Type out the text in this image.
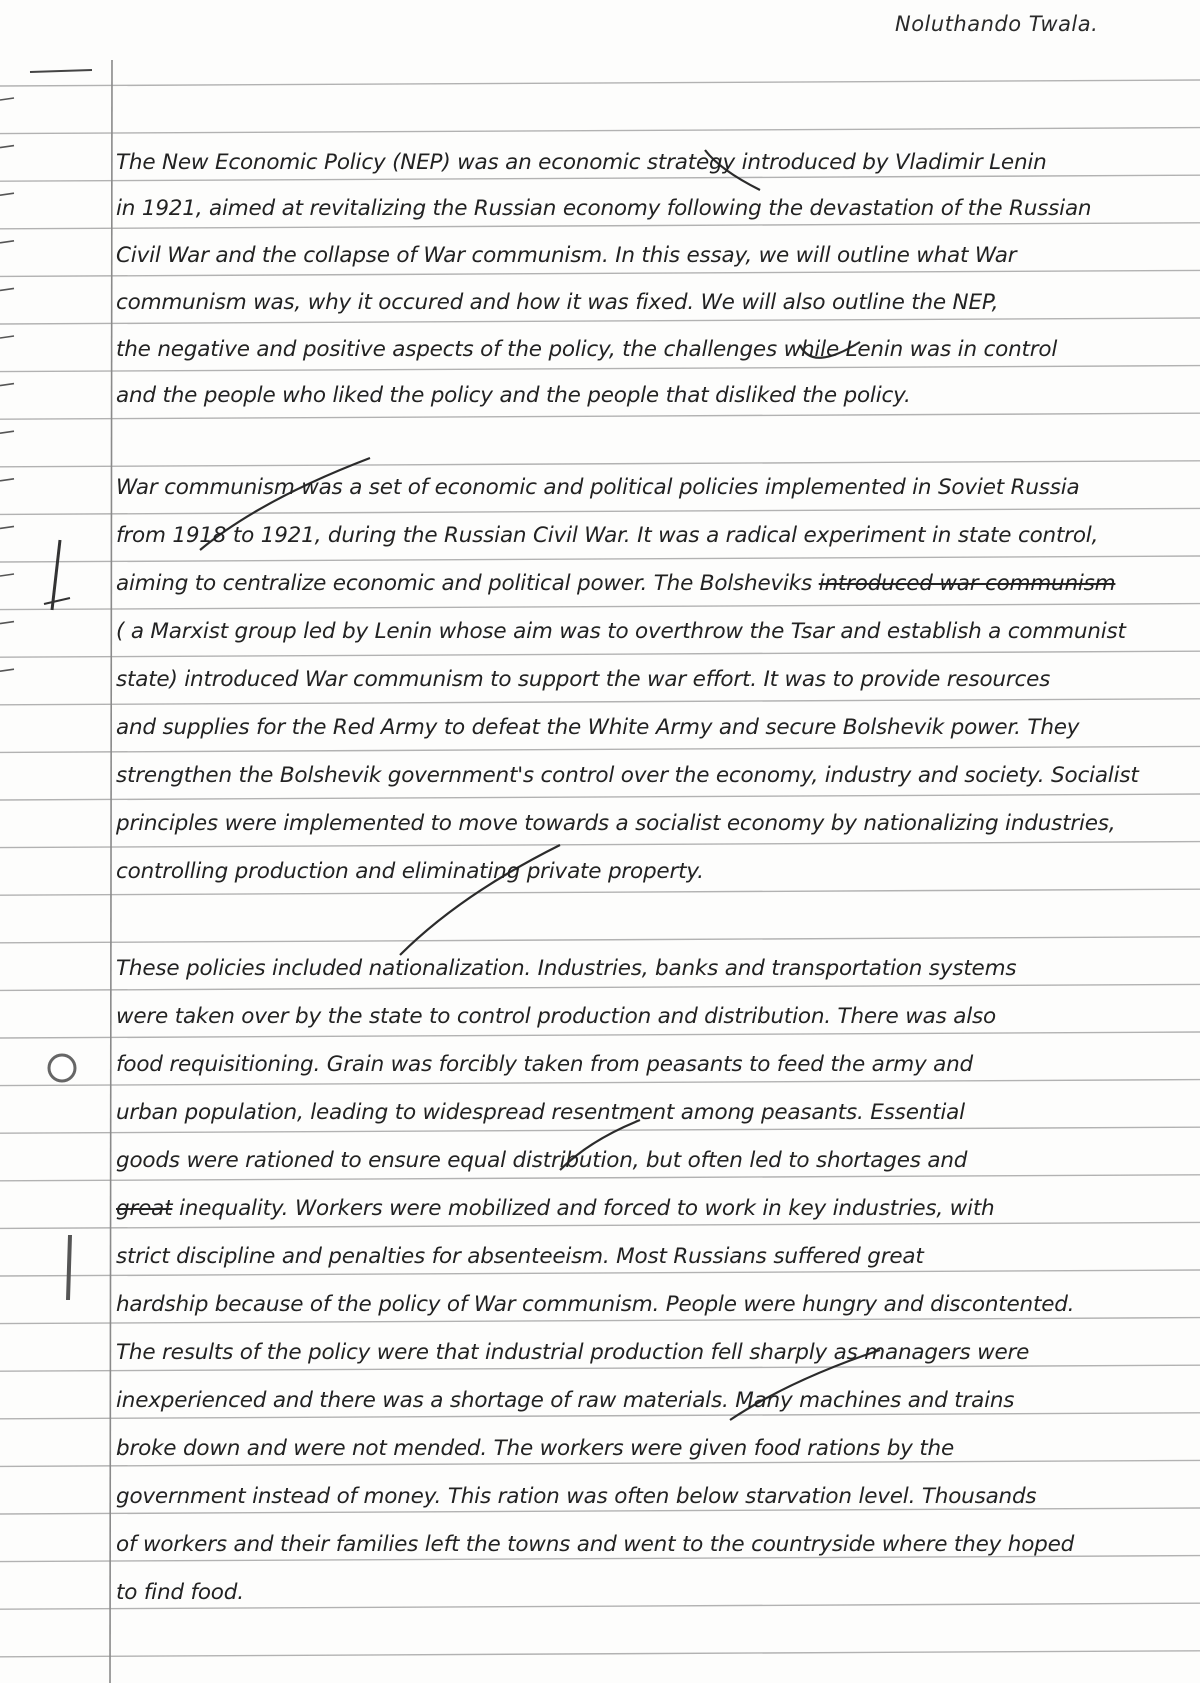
Noluthando Twala.
The New Economic Policy (NEP) was an economic strategy introduced by Vladimir Lenin
in 1921, aimed at revitalizing the Russian economy following the devastation of the Russian
Civil War and the collapse of War communism. In this essay, we will outline what War
communism was, why it occured and how it was fixed. We will also outline the NEP,
the negative and positive aspects of the policy, the challenges while Lenin was in control
and the people who liked the policy and the people that disliked the policy.
War communism was a set of economic and political policies implemented in Soviet Russia
from 1918 to 1921, during the Russian Civil War. It was a radical experiment in state control,
aiming to centralize economic and political power. The Bolsheviks introduced war communism
( a Marxist group led by Lenin whose aim was to overthrow the Tsar and establish a communist
state) introduced War communism to support the war effort. It was to provide resources
and supplies for the Red Army to defeat the White Army and secure Bolshevik power. They
strengthen the Bolshevik government's control over the economy, industry and society. Socialist
principles were implemented to move towards a socialist economy by nationalizing industries,
controlling production and eliminating private property.
These policies included nationalization. Industries, banks and transportation systems
were taken over by the state to control production and distribution. There was also
food requisitioning. Grain was forcibly taken from peasants to feed the army and
urban population, leading to widespread resentment among peasants. Essential
goods were rationed to ensure equal distribution, but often led to shortages and
great inequality. Workers were mobilized and forced to work in key industries, with
strict discipline and penalties for absenteeism. Most Russians suffered great
hardship because of the policy of War communism. People were hungry and discontented.
The results of the policy were that industrial production fell sharply as managers were
inexperienced and there was a shortage of raw materials. Many machines and trains
broke down and were not mended. The workers were given food rations by the
government instead of money. This ration was often below starvation level. Thousands
of workers and their families left the towns and went to the countryside where they hoped
to find food.
